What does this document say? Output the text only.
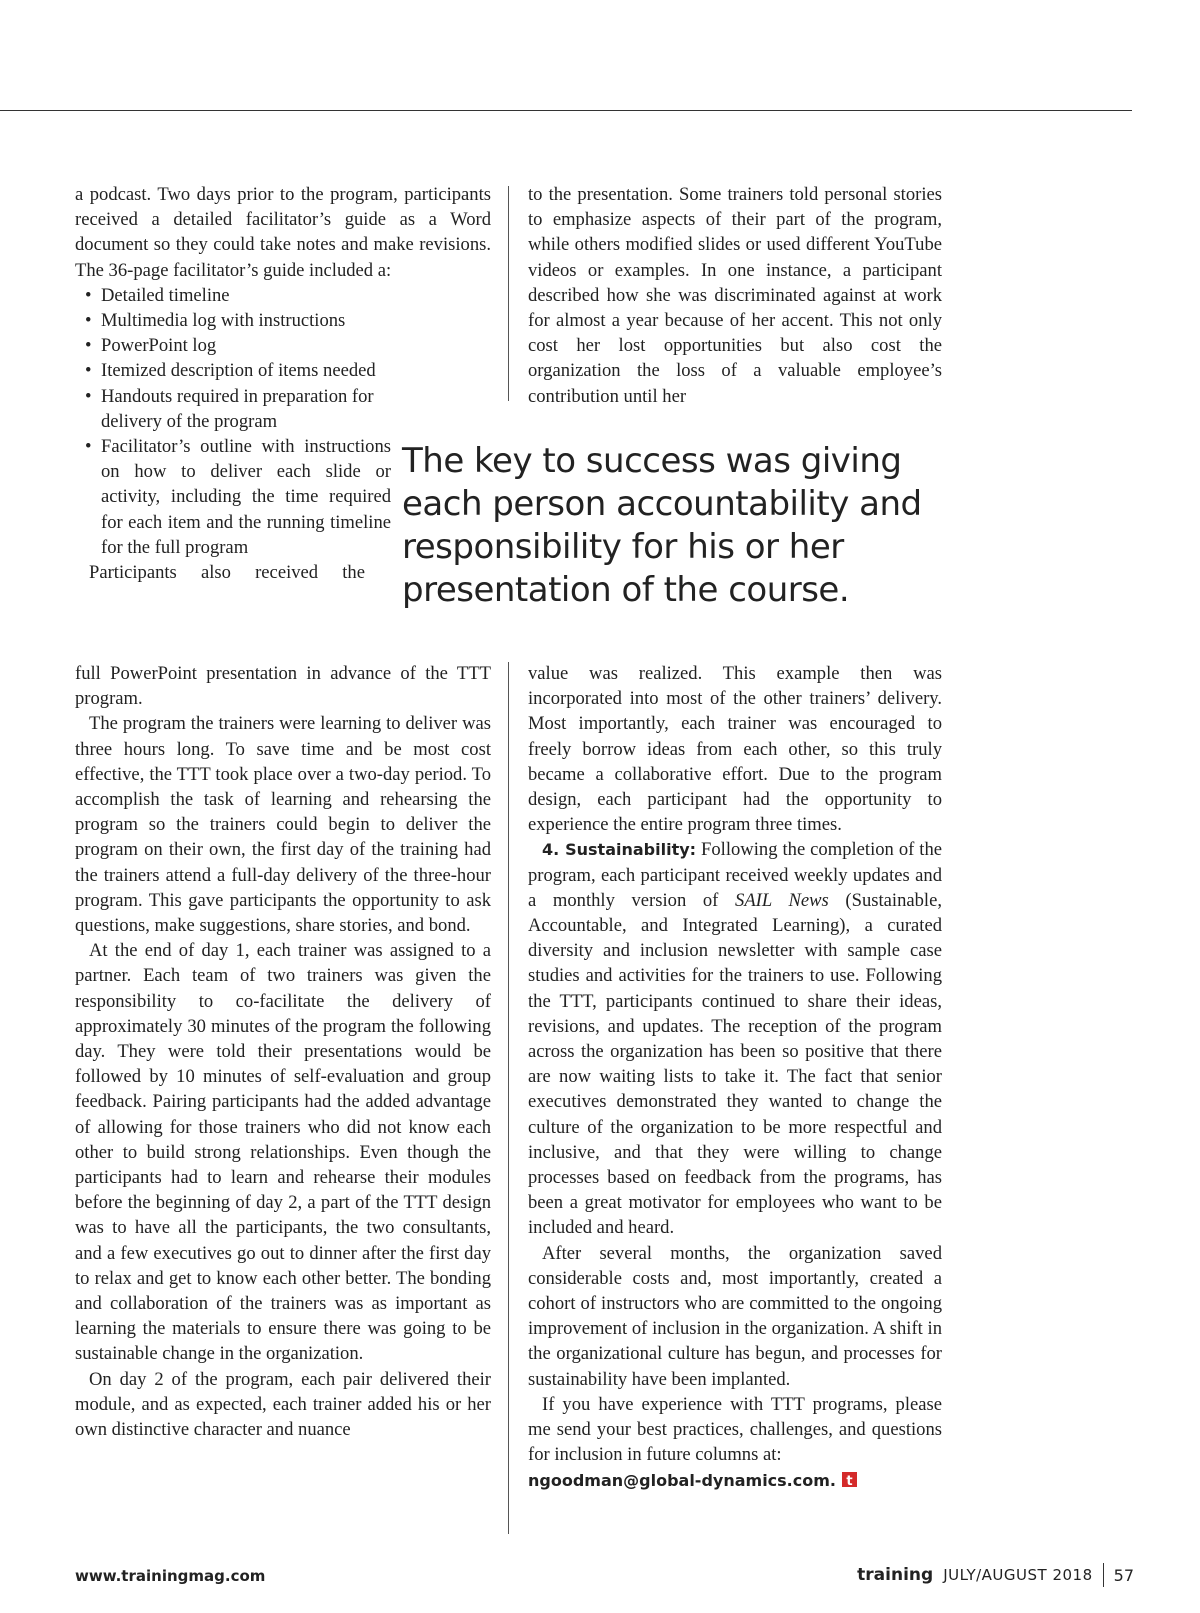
a podcast. Two days prior to the program, participants received a detailed facilitator’s guide as a Word document so they could take notes and make revisions. The 36-page facilitator’s guide included a:

• Detailed timeline
• Multimedia log with instructions
• PowerPoint log
• Itemized description of items needed
• Handouts required in preparation for delivery of the program
• Facilitator’s outline with instructions on how to deliver each slide or activity, including the time required for each item and the running timeline for the full program

Participants also received the

full PowerPoint presentation in advance of the TTT program.

The program the trainers were learning to deliver was three hours long. To save time and be most cost effective, the TTT took place over a two-day period. To accomplish the task of learning and rehearsing the program so the trainers could begin to deliver the program on their own, the first day of the training had the trainers attend a full-day delivery of the three-hour program. This gave participants the opportunity to ask questions, make suggestions, share stories, and bond.

At the end of day 1, each trainer was assigned to a partner. Each team of two trainers was given the responsibility to co-facilitate the delivery of approximately 30 minutes of the program the following day. They were told their presentations would be followed by 10 minutes of self-evaluation and group feedback. Pairing participants had the added advantage of allowing for those trainers who did not know each other to build strong relationships. Even though the participants had to learn and rehearse their modules before the beginning of day 2, a part of the TTT design was to have all the participants, the two consultants, and a few executives go out to dinner after the first day to relax and get to know each other better. The bonding and collaboration of the trainers was as important as learning the materials to ensure there was going to be sustainable change in the organization.

On day 2 of the program, each pair delivered their module, and as expected, each trainer added his or her own distinctive character and nuance

to the presentation. Some trainers told personal stories to emphasize aspects of their part of the program, while others modified slides or used different YouTube videos or examples. In one instance, a participant described how she was discriminated against at work for almost a year because of her accent. This not only cost her lost opportunities but also cost the organization the loss of a valuable employee’s contribution until her

The key to success was giving each person accountability and responsibility for his or her presentation of the course.

value was realized. This example then was incorporated into most of the other trainers’ delivery. Most importantly, each trainer was encouraged to freely borrow ideas from each other, so this truly became a collaborative effort. Due to the program design, each participant had the opportunity to experience the entire program three times.

4. Sustainability: Following the completion of the program, each participant received weekly updates and a monthly version of SAIL News (Sustainable, Accountable, and Integrated Learning), a curated diversity and inclusion newsletter with sample case studies and activities for the trainers to use. Following the TTT, participants continued to share their ideas, revisions, and updates. The reception of the program across the organization has been so positive that there are now waiting lists to take it. The fact that senior executives demonstrated they wanted to change the culture of the organization to be more respectful and inclusive, and that they were willing to change processes based on feedback from the programs, has been a great motivator for employees who want to be included and heard.

After several months, the organization saved considerable costs and, most importantly, created a cohort of instructors who are committed to the ongoing improvement of inclusion in the organization. A shift in the organizational culture has begun, and processes for sustainability have been implanted.

If you have experience with TTT programs, please me send your best practices, challenges, and questions for inclusion in future columns at:

ngoodman@global-dynamics.com. t

www.trainingmag.com	training JULY/AUGUST 2018 57
